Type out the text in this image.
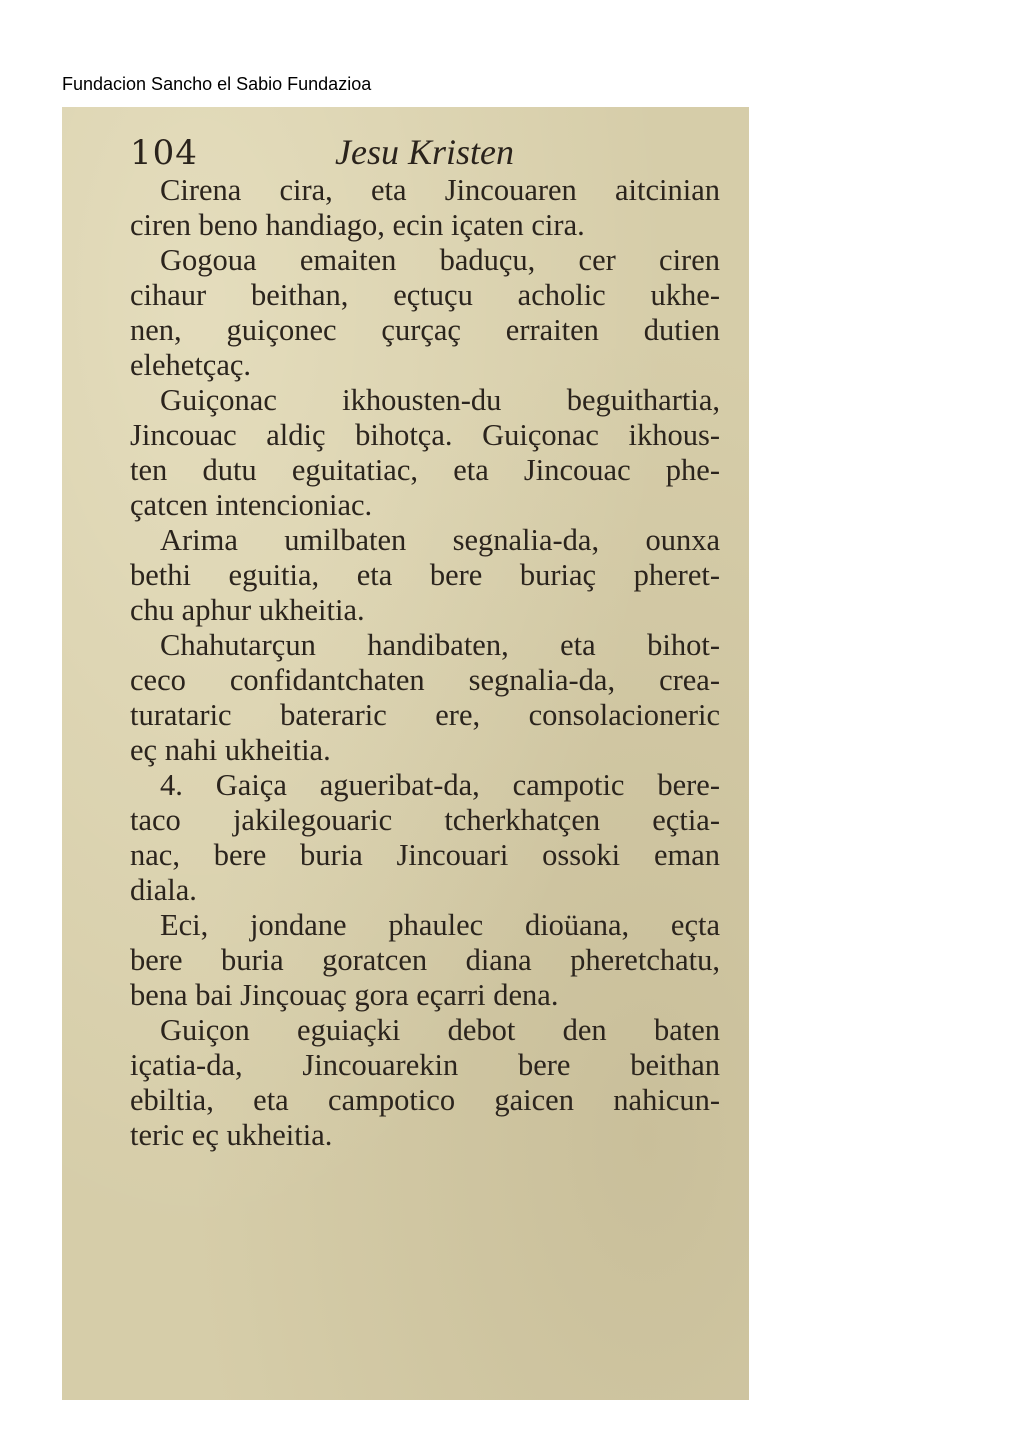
Fundacion Sancho el Sabio Fundazioa
104	Jesu Kristen
Cirena cira, eta Jincouaren aitcinian
ciren beno handiago, ecin içaten cira.
Gogoua emaiten baduçu, cer ciren
cihaur beithan, eçtuçu acholic ukhe-
nen, guiçonec çurçaç erraiten dutien
elehetçaç.
Guiçonac ikhousten-du beguithartia,
Jincouac aldiç bihotça. Guiçonac ikhous-
ten dutu eguitatiac, eta Jincouac phe-
çatcen intencioniac.
Arima umilbaten segnalia-da, ounxa
bethi eguitia, eta bere buriaç pheret-
chu aphur ukheitia.
Chahutarçun handibaten, eta bihot-
ceco confidantchaten segnalia-da, crea-
turataric bateraric ere, consolacioneric
eç nahi ukheitia.
4. Gaiça agueribat-da, campotic bere-
taco jakilegouaric tcherkhatçen eçtia-
nac, bere buria Jincouari ossoki eman
diala.
Eci, jondane phaulec dioüana, eçta
bere buria goratcen diana pheretchatu,
bena bai Jinçouaç gora eçarri dena.
Guiçon eguiaçki debot den baten
içatia-da, Jincouarekin bere beithan
ebiltia, eta campotico gaicen nahicun-
teric eç ukheitia.
